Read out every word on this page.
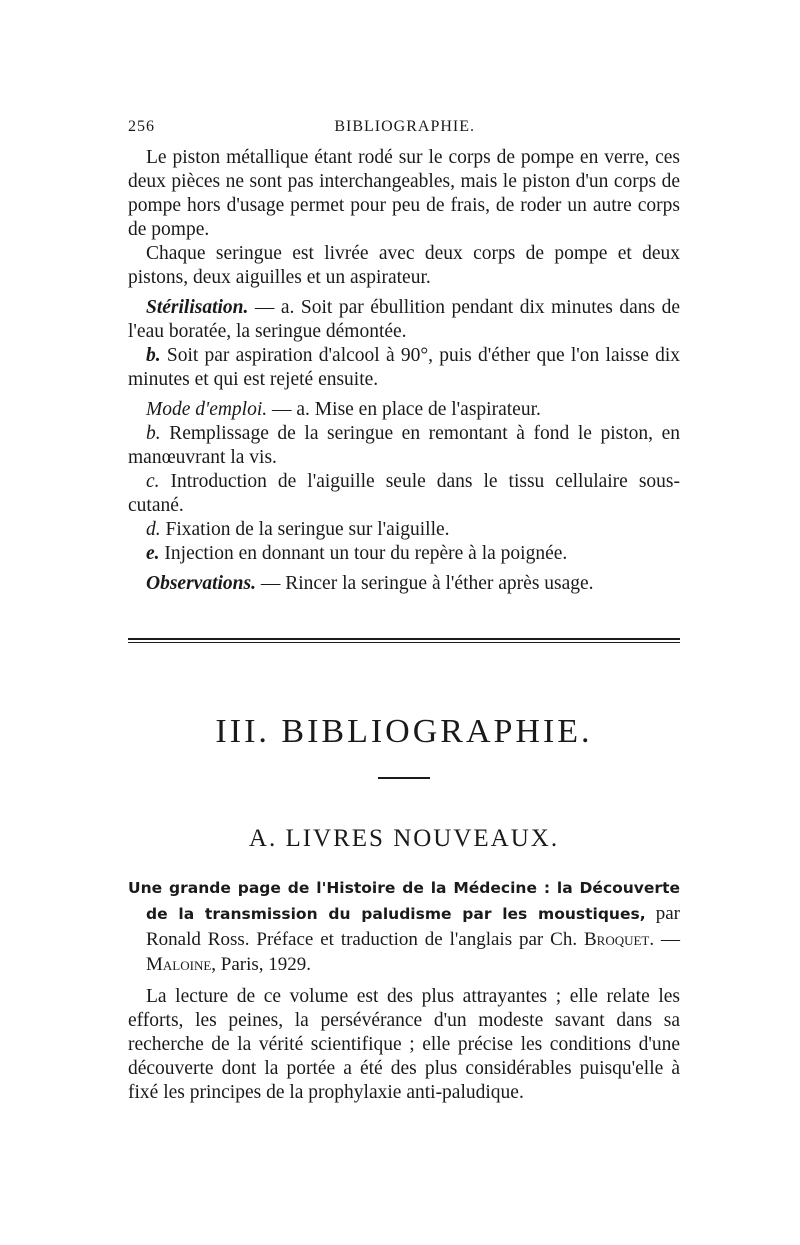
256	BIBLIOGRAPHIE.

Le piston métallique étant rodé sur le corps de pompe en verre, ces deux pièces ne sont pas interchangeables, mais le piston d'un corps de pompe hors d'usage permet pour peu de frais, de roder un autre corps de pompe.

Chaque seringue est livrée avec deux corps de pompe et deux pistons, deux aiguilles et un aspirateur.

Stérilisation. — a. Soit par ébullition pendant dix minutes dans de l'eau boratée, la seringue démontée.

b. Soit par aspiration d'alcool à 90°, puis d'éther que l'on laisse dix minutes et qui est rejeté ensuite.

Mode d'emploi. — a. Mise en place de l'aspirateur.

b. Remplissage de la seringue en remontant à fond le piston, en manœuvrant la vis.

c. Introduction de l'aiguille seule dans le tissu cellulaire sous-cutané.

d. Fixation de la seringue sur l'aiguille.

e. Injection en donnant un tour du repère à la poignée.

Observations. — Rincer la seringue à l'éther après usage.

III. BIBLIOGRAPHIE.
A. LIVRES NOUVEAUX.

Une grande page de l'Histoire de la Médecine : la Découverte de la transmission du paludisme par les moustiques, par Ronald Ross. Préface et traduction de l'anglais par Ch. Broquet. — Maloine, Paris, 1929.

La lecture de ce volume est des plus attrayantes ; elle relate les efforts, les peines, la persévérance d'un modeste savant dans sa recherche de la vérité scientifique ; elle précise les conditions d'une découverte dont la portée a été des plus considérables puisqu'elle à fixé les principes de la prophylaxie anti-paludique.
